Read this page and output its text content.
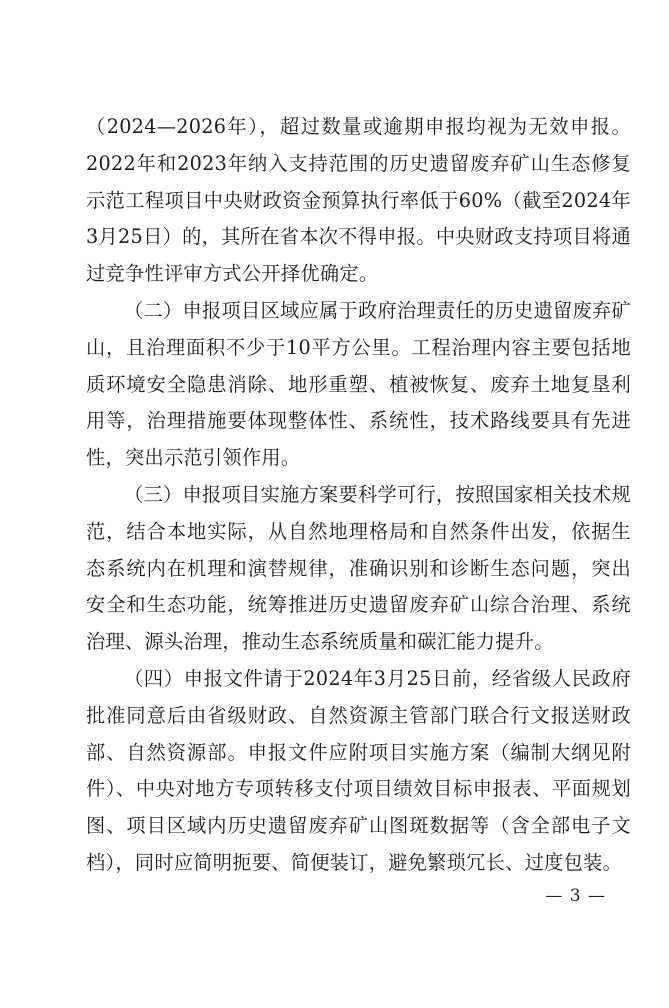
（2024—2026年），超过数量或逾期申报均视为无效申报。2022年和2023年纳入支持范围的历史遗留废弃矿山生态修复示范工程项目中央财政资金预算执行率低于60%（截至2024年3月25日）的，其所在省本次不得申报。中央财政支持项目将通过竞争性评审方式公开择优确定。

（二）申报项目区域应属于政府治理责任的历史遗留废弃矿山，且治理面积不少于10平方公里。工程治理内容主要包括地质环境安全隐患消除、地形重塑、植被恢复、废弃土地复垦利用等，治理措施要体现整体性、系统性，技术路线要具有先进性，突出示范引领作用。

（三）申报项目实施方案要科学可行，按照国家相关技术规范，结合本地实际，从自然地理格局和自然条件出发，依据生态系统内在机理和演替规律，准确识别和诊断生态问题，突出安全和生态功能，统筹推进历史遗留废弃矿山综合治理、系统治理、源头治理，推动生态系统质量和碳汇能力提升。

（四）申报文件请于2024年3月25日前，经省级人民政府批准同意后由省级财政、自然资源主管部门联合行文报送财政部、自然资源部。申报文件应附项目实施方案（编制大纲见附件）、中央对地方专项转移支付项目绩效目标申报表、平面规划图、项目区域内历史遗留废弃矿山图斑数据等（含全部电子文档），同时应简明扼要、简便装订，避免繁琐冗长、过度包装。

— 3 —
